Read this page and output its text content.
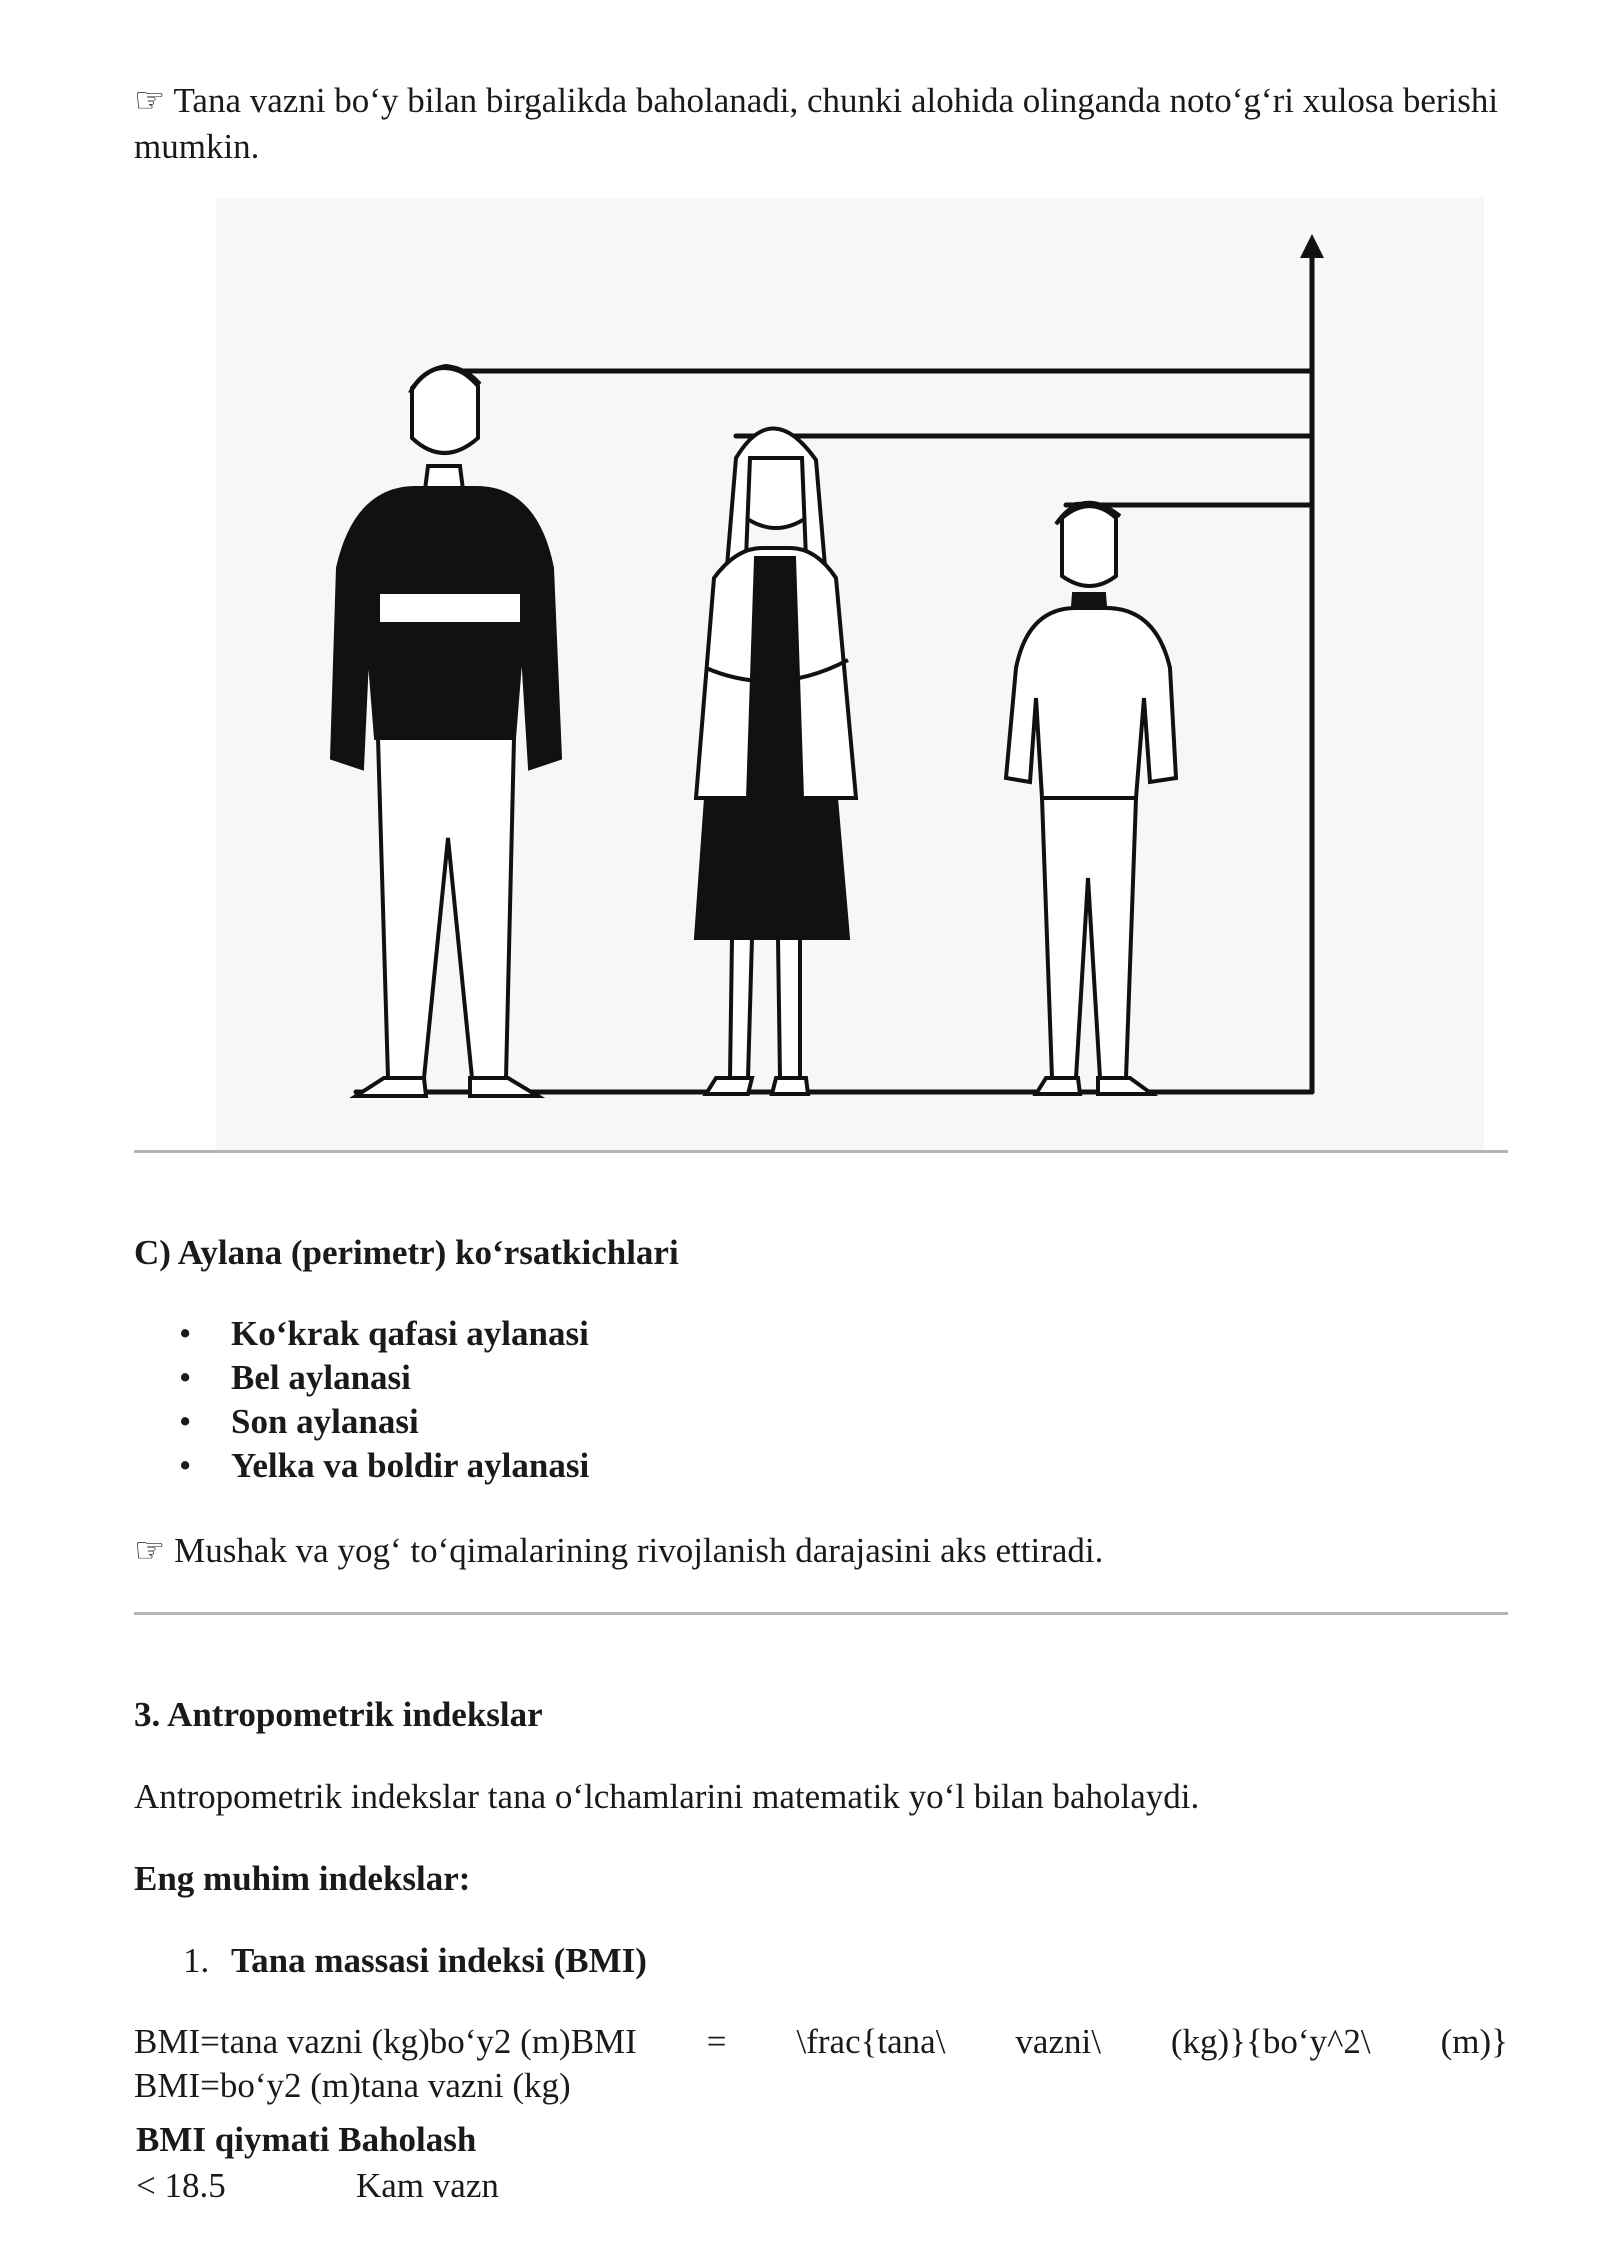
☞ Tana vazni bo‘y bilan birgalikda baholanadi, chunki alohida olinganda noto‘g‘ri xulosa berishi mumkin.

C) Aylana (perimetr) ko‘rsatkichlari

• Ko‘krak qafasi aylanasi
• Bel aylanasi
• Son aylanasi
• Yelka va boldir aylanasi

☞ Mushak va yog‘ to‘qimalarining rivojlanish darajasini aks ettiradi.

3. Antropometrik indekslar

Antropometrik indekslar tana o‘lchamlarini matematik yo‘l bilan baholaydi.

Eng muhim indekslar:

1. Tana massasi indeksi (BMI)
BMI=tana vazni (kg)bo‘y2 (m)BMI = \frac{tana\ vazni\ (kg)}{bo‘y^2\ (m)}
BMI=bo‘y2 (m)tana vazni (kg)
BMI qiymati Baholash
< 18.5	Kam vazn
